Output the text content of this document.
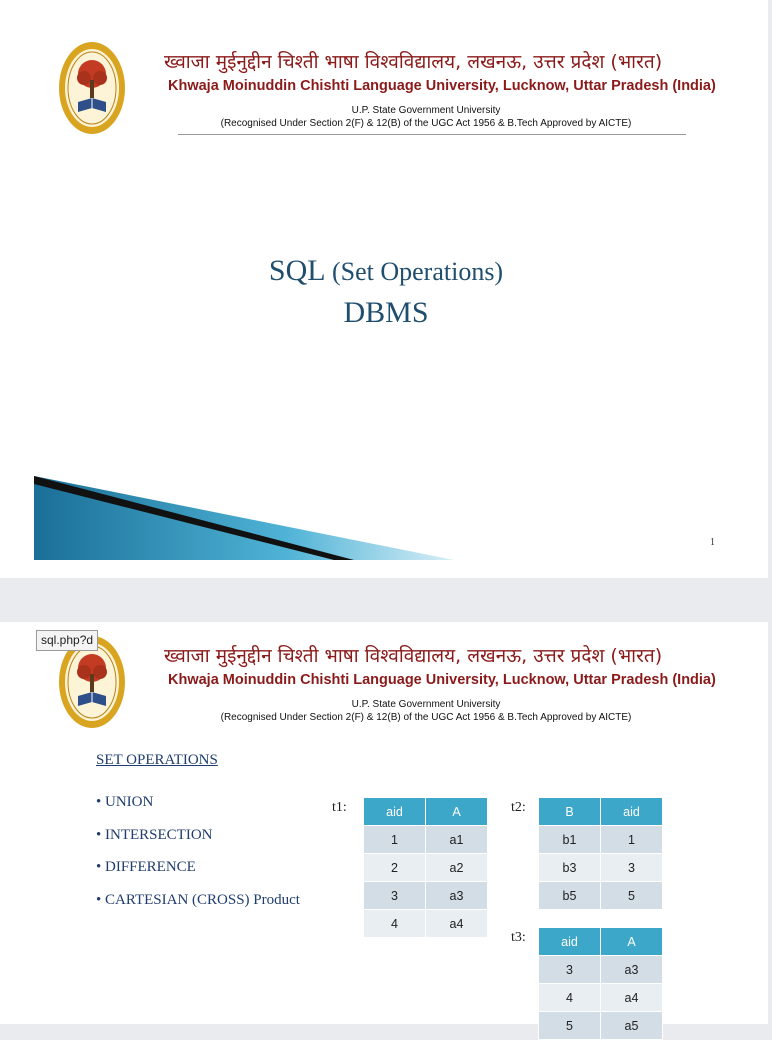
ख्वाजा मुईनुद्दीन चिश्ती भाषा विश्वविद्यालय, लखनऊ, उत्तर प्रदेश (भारत)
Khwaja Moinuddin Chishti Language University, Lucknow, Uttar Pradesh (India)
U.P. State Government University
(Recognised Under Section 2(F) & 12(B) of the UGC Act 1956 & B.Tech Approved by AICTE)
SQL (Set Operations)
DBMS
1
sql.php?d
ख्वाजा मुईनुद्दीन चिश्ती भाषा विश्वविद्यालय, लखनऊ, उत्तर प्रदेश (भारत)
Khwaja Moinuddin Chishti Language University, Lucknow, Uttar Pradesh (India)
U.P. State Government University
(Recognised Under Section 2(F) & 12(B) of the UGC Act 1956 & B.Tech Approved by AICTE)
SET OPERATIONS
• UNION
• INTERSECTION
• DIFFERENCE
• CARTESIAN (CROSS) Product
t1:	aid	A
1	a1
2	a2
3	a3
4	a4
t2:	B	aid
b1	1
b3	3
b5	5
t3:	aid	A
3	a3
4	a4
5	a5
